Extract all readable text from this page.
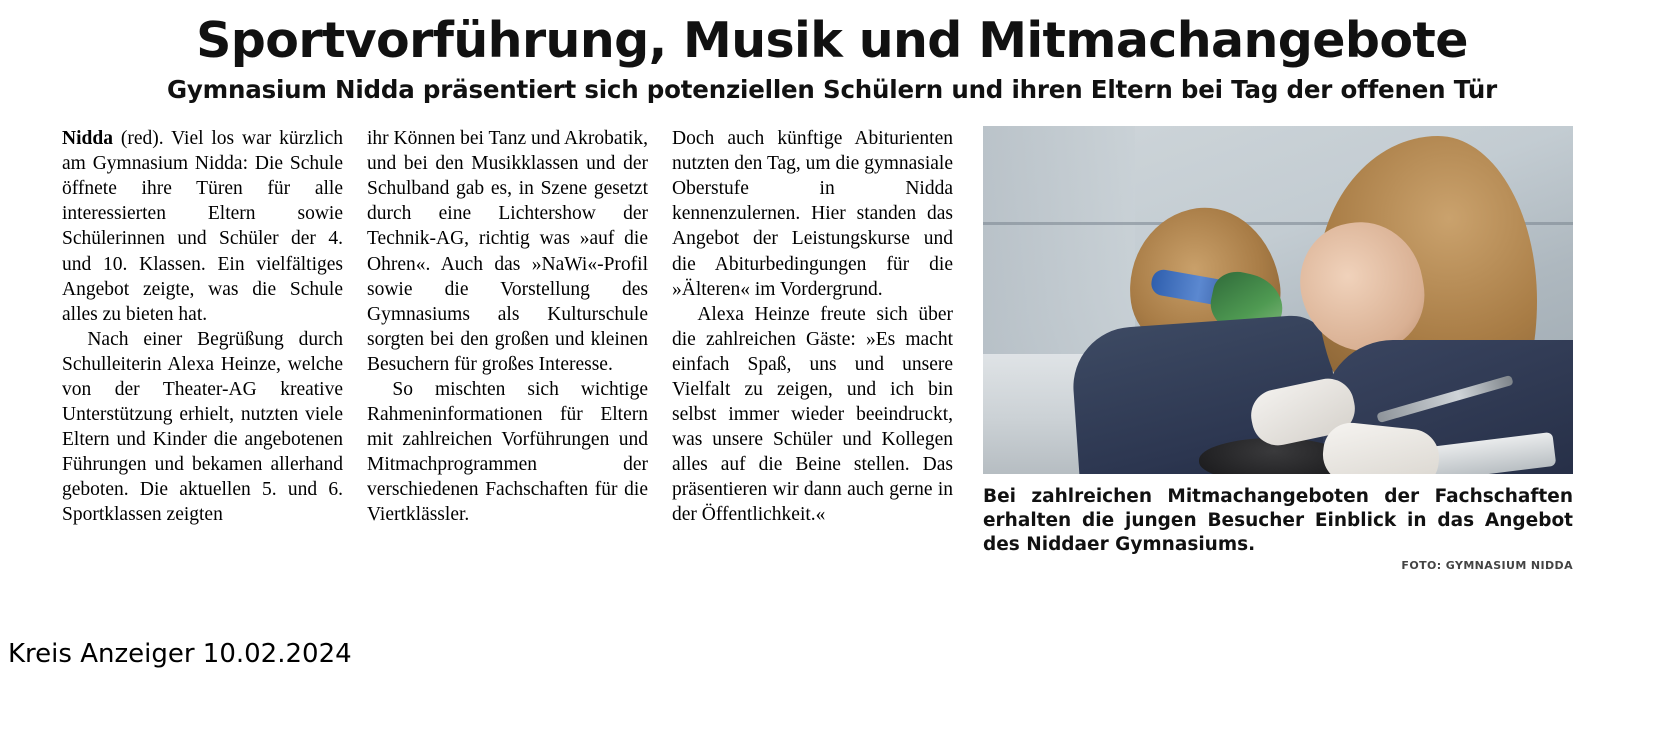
Sportvorführung, Musik und Mitmachangebote
Gymnasium Nidda präsentiert sich potenziellen Schülern und ihren Eltern bei Tag der offenen Tür

Nidda (red). Viel los war kürzlich am Gymnasium Nidda: Die Schule öffnete ihre Türen für alle interessierten Eltern sowie Schülerinnen und Schüler der 4. und 10. Klassen. Ein vielfältiges Angebot zeigte, was die Schule alles zu bieten hat.

Nach einer Begrüßung durch Schulleiterin Alexa Heinze, welche von der Theater-AG kreative Unterstützung erhielt, nutzten viele Eltern und Kinder die angebotenen Führungen und bekamen allerhand geboten. Die aktuellen 5. und 6. Sportklassen zeigten

ihr Können bei Tanz und Akrobatik, und bei den Musikklassen und der Schulband gab es, in Szene gesetzt durch eine Lichtershow der Technik-AG, richtig was »auf die Ohren«. Auch das »NaWi«-Profil sowie die Vorstellung des Gymnasiums als Kulturschule sorgten bei den großen und kleinen Besuchern für großes Interesse.

So mischten sich wichtige Rahmeninformationen für Eltern mit zahlreichen Vorführungen und Mitmachprogrammen der verschiedenen Fachschaften für die Viertklässler.

Doch auch künftige Abiturienten nutzten den Tag, um die gymnasiale Oberstufe in Nidda kennenzulernen. Hier standen das Angebot der Leistungskurse und die Abiturbedingungen für die »Älteren« im Vordergrund.

Alexa Heinze freute sich über die zahlreichen Gäste: »Es macht einfach Spaß, uns und unsere Vielfalt zu zeigen, und ich bin selbst immer wieder beeindruckt, was unsere Schüler und Kollegen alles auf die Beine stellen. Das präsentieren wir dann auch gerne in der Öffentlichkeit.«

Bei zahlreichen Mitmachangeboten der Fachschaften erhalten die jungen Besucher Einblick in das Angebot des Niddaer Gymnasiums.
FOTO: GYMNASIUM NIDDA
Kreis Anzeiger 10.02.2024
